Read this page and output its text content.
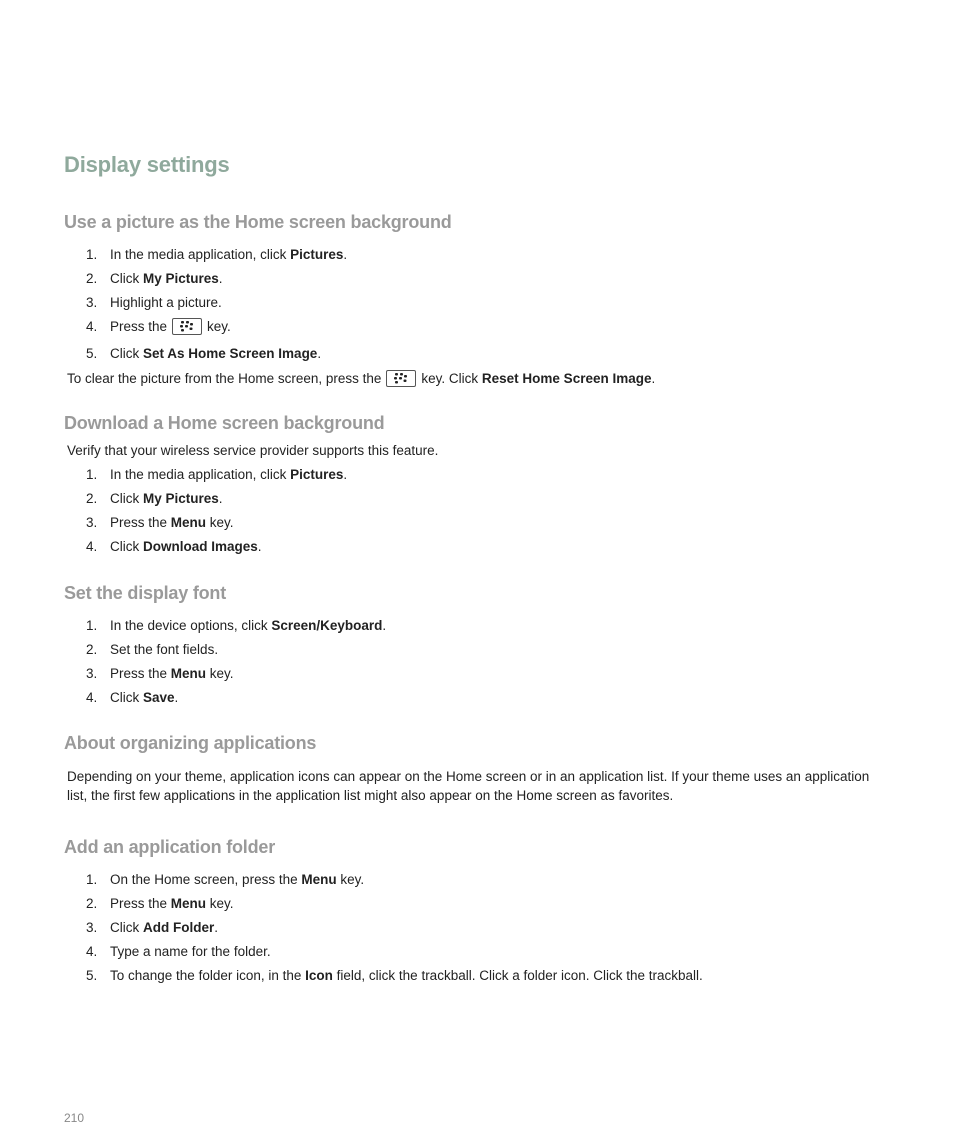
Display settings
Use a picture as the Home screen background
1. In the media application, click Pictures.
2. Click My Pictures.
3. Highlight a picture.
4. Press the	key.
5. Click Set As Home Screen Image.

To clear the picture from the Home screen, press the	key. Click Reset Home Screen Image.

Download a Home screen background

Verify that your wireless service provider supports this feature.

1. In the media application, click Pictures.
2. Click My Pictures.
3. Press the Menu key.
4. Click Download Images.
Set the display font
1. In the device options, click Screen/Keyboard.
2. Set the font fields.
3. Press the Menu key.
4. Click Save.
About organizing applications

Depending on your theme, application icons can appear on the Home screen or in an application list. If your theme uses an application
list, the first few applications in the application list might also appear on the Home screen as favorites.

Add an application folder
1. On the Home screen, press the Menu key.
2. Press the Menu key.
3. Click Add Folder.
4. Type a name for the folder.
5. To change the folder icon, in the Icon field, click the trackball. Click a folder icon. Click the trackball.
210
